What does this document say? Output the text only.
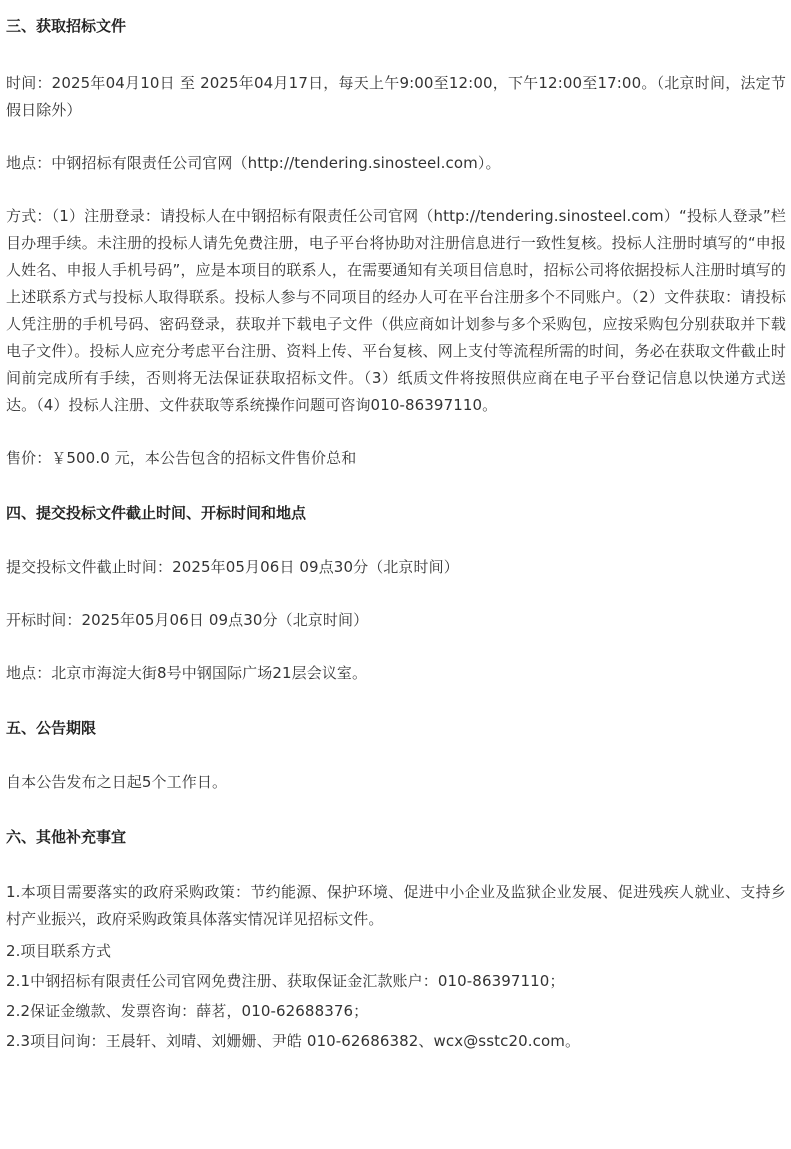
三、获取招标文件

时间：2025年04月10日 至 2025年04月17日，每天上午9:00至12:00，下午12:00至17:00。（北京时间，法定节假日除外）

地点：中钢招标有限责任公司官网（http://tendering.sinosteel.com）。

方式：（1）注册登录：请投标人在中钢招标有限责任公司官网（http://tendering.sinosteel.com）“投标人登录”栏目办理手续。未注册的投标人请先免费注册，电子平台将协助对注册信息进行一致性复核。投标人注册时填写的“申报人姓名、申报人手机号码”，应是本项目的联系人，在需要通知有关项目信息时，招标公司将依据投标人注册时填写的上述联系方式与投标人取得联系。投标人参与不同项目的经办人可在平台注册多个不同账户。（2）文件获取：请投标人凭注册的手机号码、密码登录，获取并下载电子文件（供应商如计划参与多个采购包，应按采购包分别获取并下载电子文件）。投标人应充分考虑平台注册、资料上传、平台复核、网上支付等流程所需的时间，务必在获取文件截止时间前完成所有手续，否则将无法保证获取招标文件。（3）纸质文件将按照供应商在电子平台登记信息以快递方式送达。（4）投标人注册、文件获取等系统操作问题可咨询010-86397110。

售价：￥500.0 元，本公告包含的招标文件售价总和

四、提交投标文件截止时间、开标时间和地点

提交投标文件截止时间：2025年05月06日 09点30分（北京时间）

开标时间：2025年05月06日 09点30分（北京时间）

地点：北京市海淀大街8号中钢国际广场21层会议室。

五、公告期限

自本公告发布之日起5个工作日。

六、其他补充事宜

1.本项目需要落实的政府采购政策：节约能源、保护环境、促进中小企业及监狱企业发展、促进残疾人就业、支持乡村产业振兴，政府采购政策具体落实情况详见招标文件。

2.项目联系方式

2.1中钢招标有限责任公司官网免费注册、获取保证金汇款账户：010-86397110；

2.2保证金缴款、发票咨询：薛茗，010-62688376；

2.3项目问询：王晨轩、刘晴、刘姗姗、尹皓 010-62686382、wcx@sstc20.com。
